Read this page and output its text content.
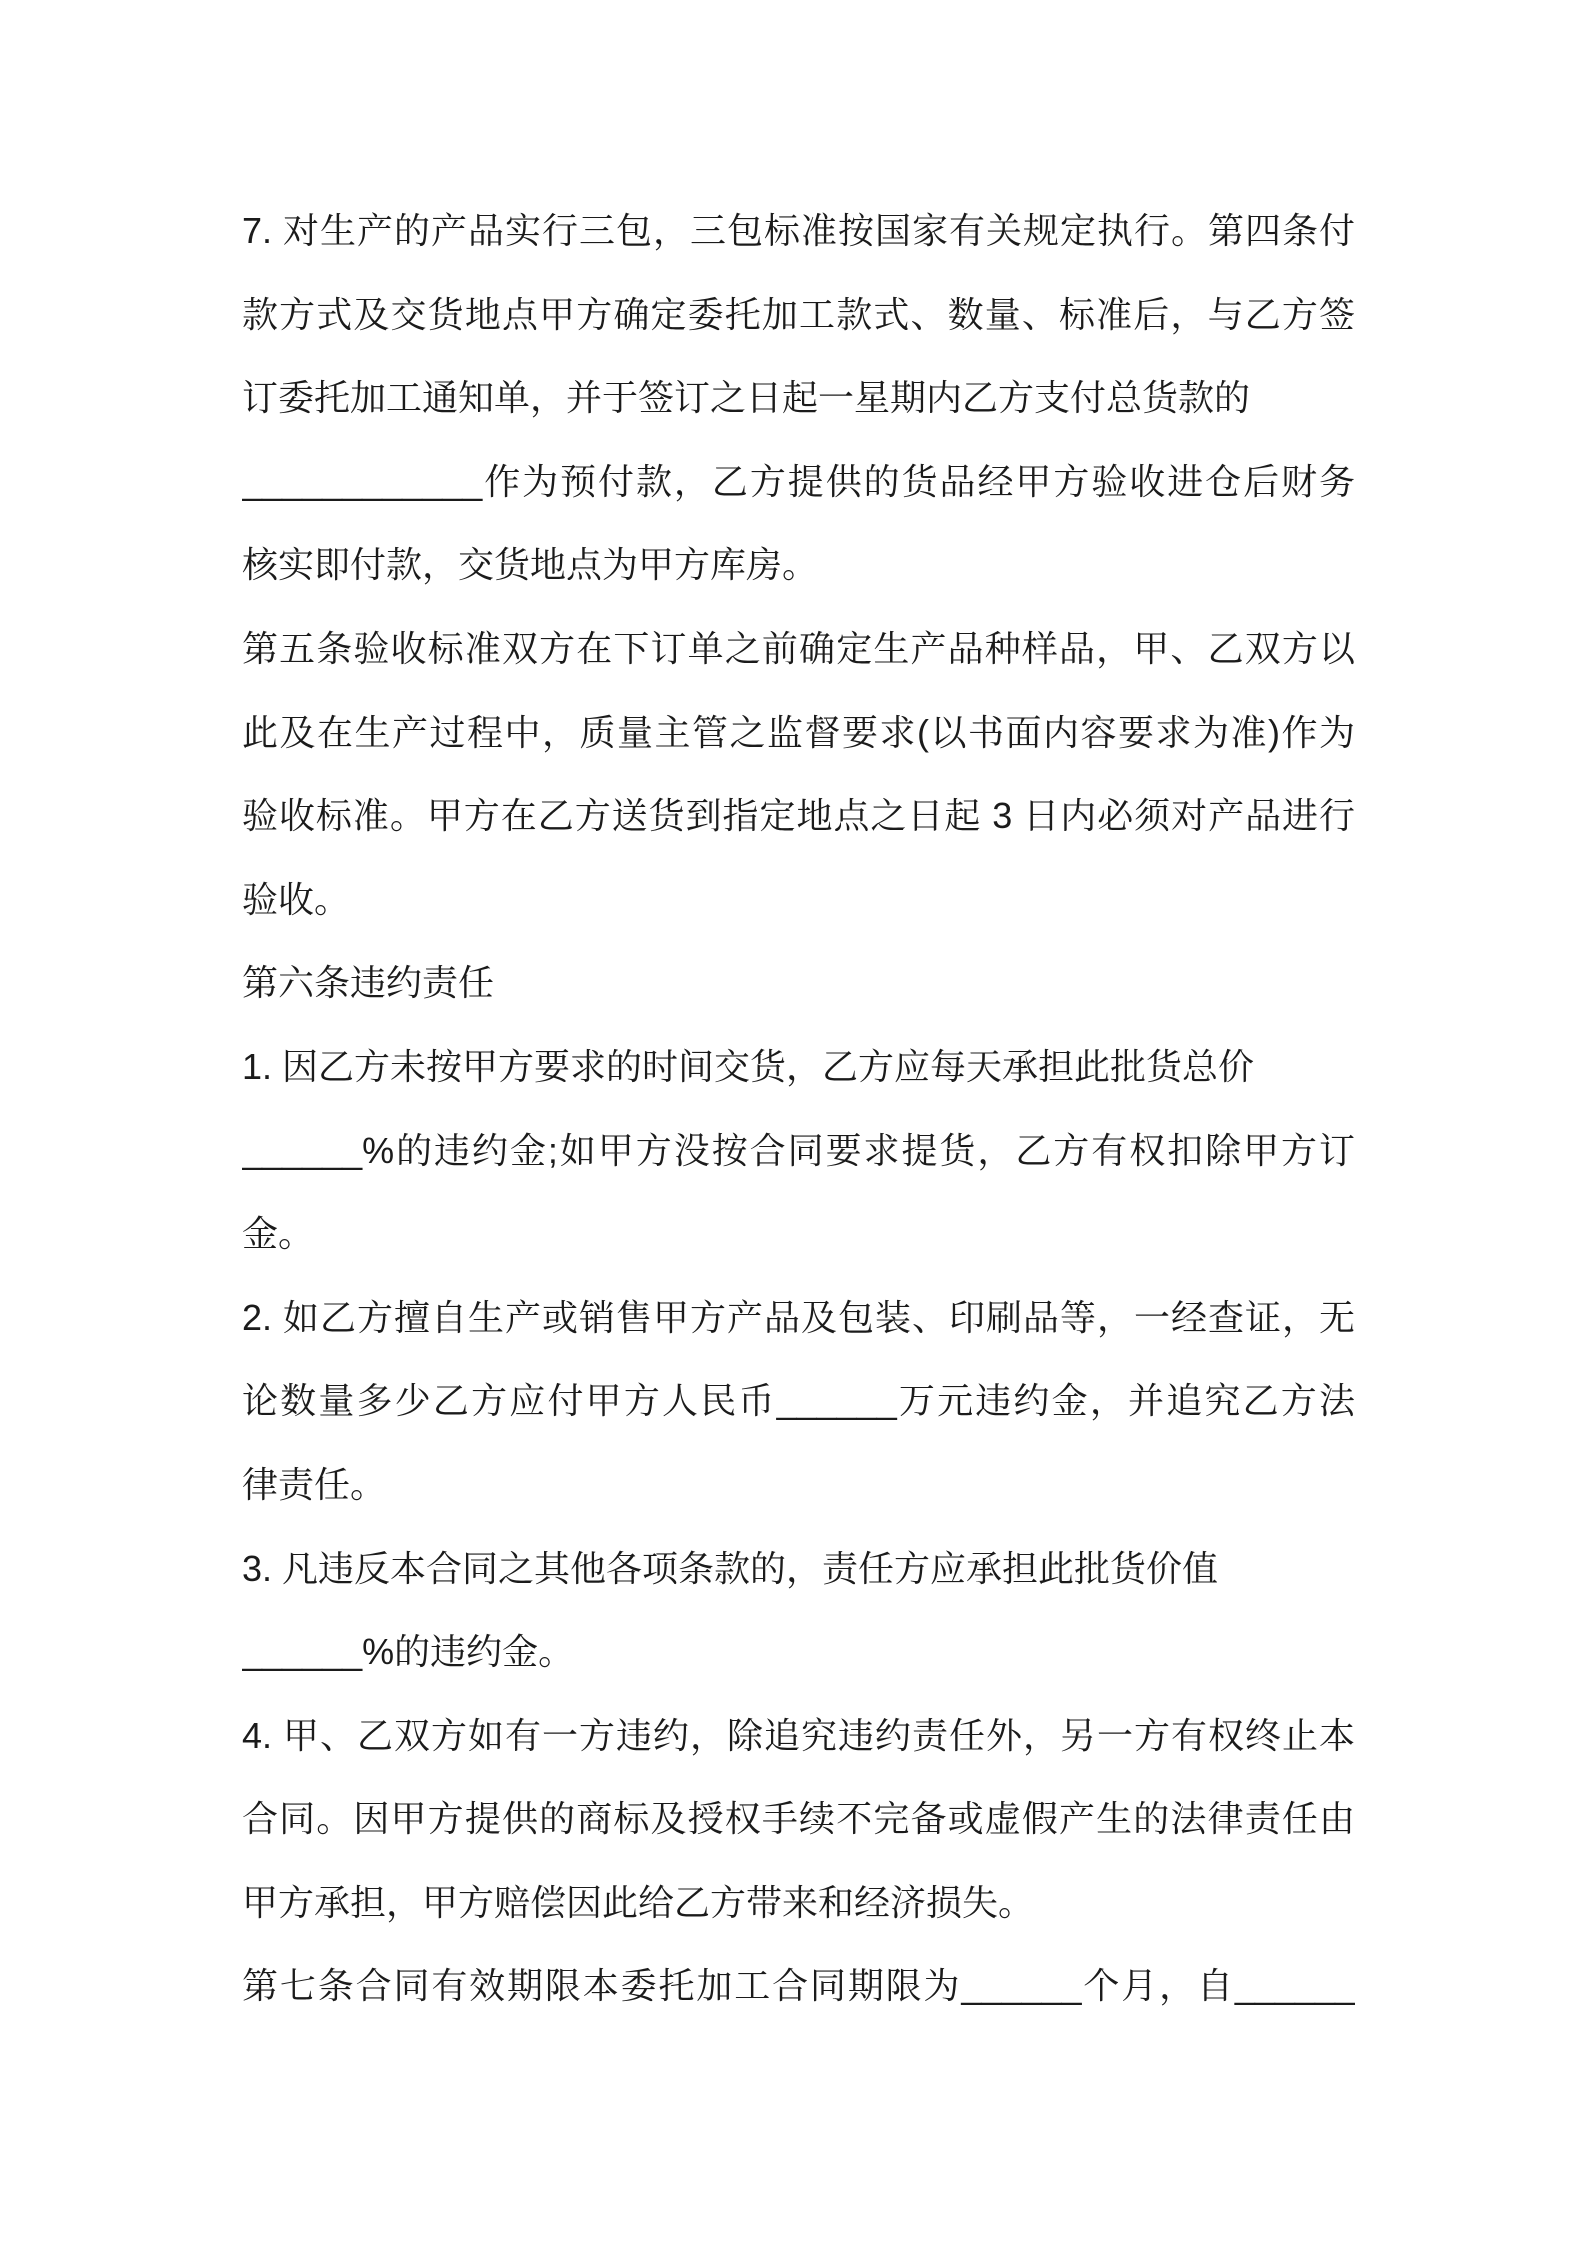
7. 对生产的产品实行三包，三包标准按国家有关规定执行。第四条付
款方式及交货地点甲方确定委托加工款式、数量、标准后，与乙方签
订委托加工通知单，并于签订之日起一星期内乙方支付总货款的
____________作为预付款，乙方提供的货品经甲方验收进仓后财务
核实即付款，交货地点为甲方库房。
第五条验收标准双方在下订单之前确定生产品种样品，甲、乙双方以
此及在生产过程中，质量主管之监督要求(以书面内容要求为准)作为
验收标准。甲方在乙方送货到指定地点之日起 3 日内必须对产品进行
验收。
第六条违约责任
1. 因乙方未按甲方要求的时间交货，乙方应每天承担此批货总价
______%的违约金;如甲方没按合同要求提货，乙方有权扣除甲方订
金。
2. 如乙方擅自生产或销售甲方产品及包装、印刷品等，一经查证，无
论数量多少乙方应付甲方人民币______万元违约金，并追究乙方法
律责任。
3. 凡违反本合同之其他各项条款的，责任方应承担此批货价值
______%的违约金。
4. 甲、乙双方如有一方违约，除追究违约责任外，另一方有权终止本
合同。因甲方提供的商标及授权手续不完备或虚假产生的法律责任由
甲方承担，甲方赔偿因此给乙方带来和经济损失。
第七条合同有效期限本委托加工合同期限为______个月，自______
